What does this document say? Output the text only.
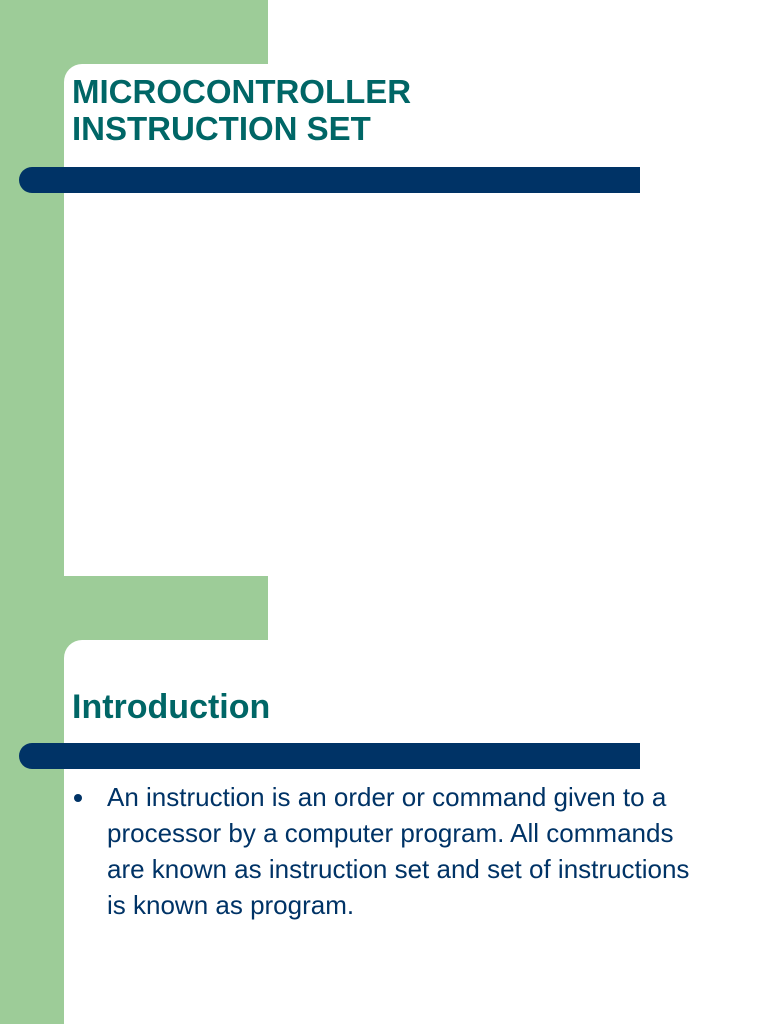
MICROCONTROLLER
INSTRUCTION SET
Introduction
An instruction is an order or command given to a processor by a computer program. All commands are known as instruction set and set of instructions is known as program.
